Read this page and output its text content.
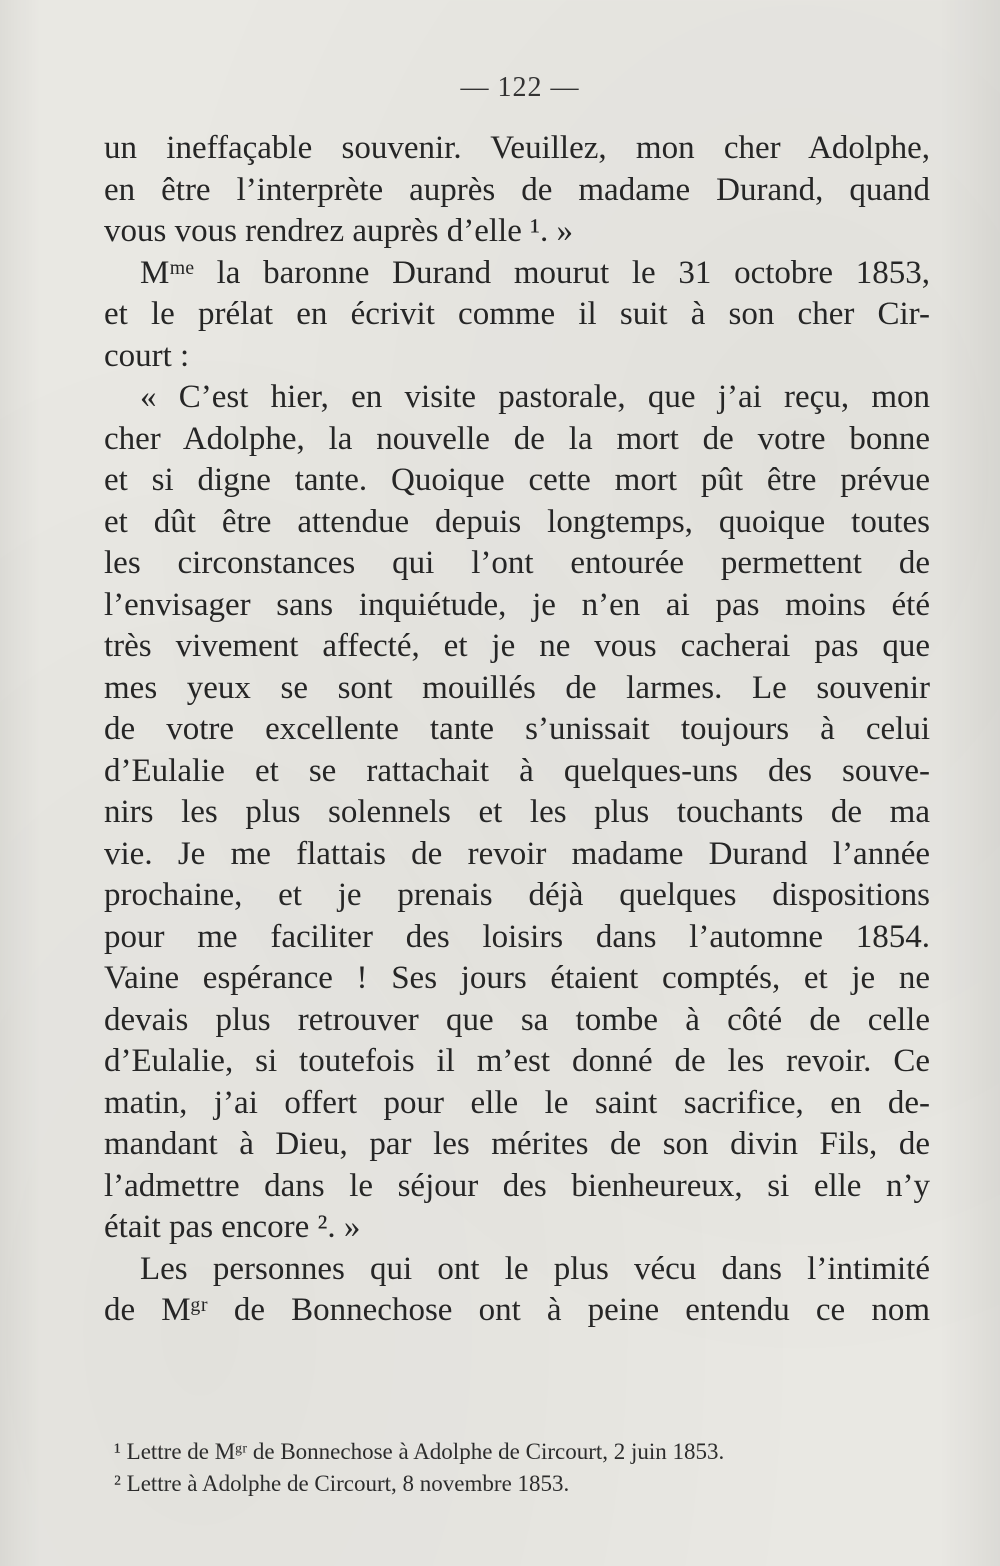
— 122 —
un ineffaçable souvenir. Veuillez, mon cher Adolphe,
en être l’interprète auprès de madame Durand, quand
vous vous rendrez auprès d’elle ¹. »
Mᵐᵉ la baronne Durand mourut le 31 octobre 1853,
et le prélat en écrivit comme il suit à son cher Cir-
court :
« C’est hier, en visite pastorale, que j’ai reçu, mon
cher Adolphe, la nouvelle de la mort de votre bonne
et si digne tante. Quoique cette mort pût être prévue
et dût être attendue depuis longtemps, quoique toutes
les circonstances qui l’ont entourée permettent de
l’envisager sans inquiétude, je n’en ai pas moins été
très vivement affecté, et je ne vous cacherai pas que
mes yeux se sont mouillés de larmes. Le souvenir
de votre excellente tante s’unissait toujours à celui
d’Eulalie et se rattachait à quelques-uns des souve-
nirs les plus solennels et les plus touchants de ma
vie. Je me flattais de revoir madame Durand l’année
prochaine, et je prenais déjà quelques dispositions
pour me faciliter des loisirs dans l’automne 1854.
Vaine espérance ! Ses jours étaient comptés, et je ne
devais plus retrouver que sa tombe à côté de celle
d’Eulalie, si toutefois il m’est donné de les revoir. Ce
matin, j’ai offert pour elle le saint sacrifice, en de-
mandant à Dieu, par les mérites de son divin Fils, de
l’admettre dans le séjour des bienheureux, si elle n’y
était pas encore ². »
Les personnes qui ont le plus vécu dans l’intimité
de Mᵍʳ de Bonnechose ont à peine entendu ce nom
¹ Lettre de Mᵍʳ de Bonnechose à Adolphe de Circourt, 2 juin 1853.
² Lettre à Adolphe de Circourt, 8 novembre 1853.
